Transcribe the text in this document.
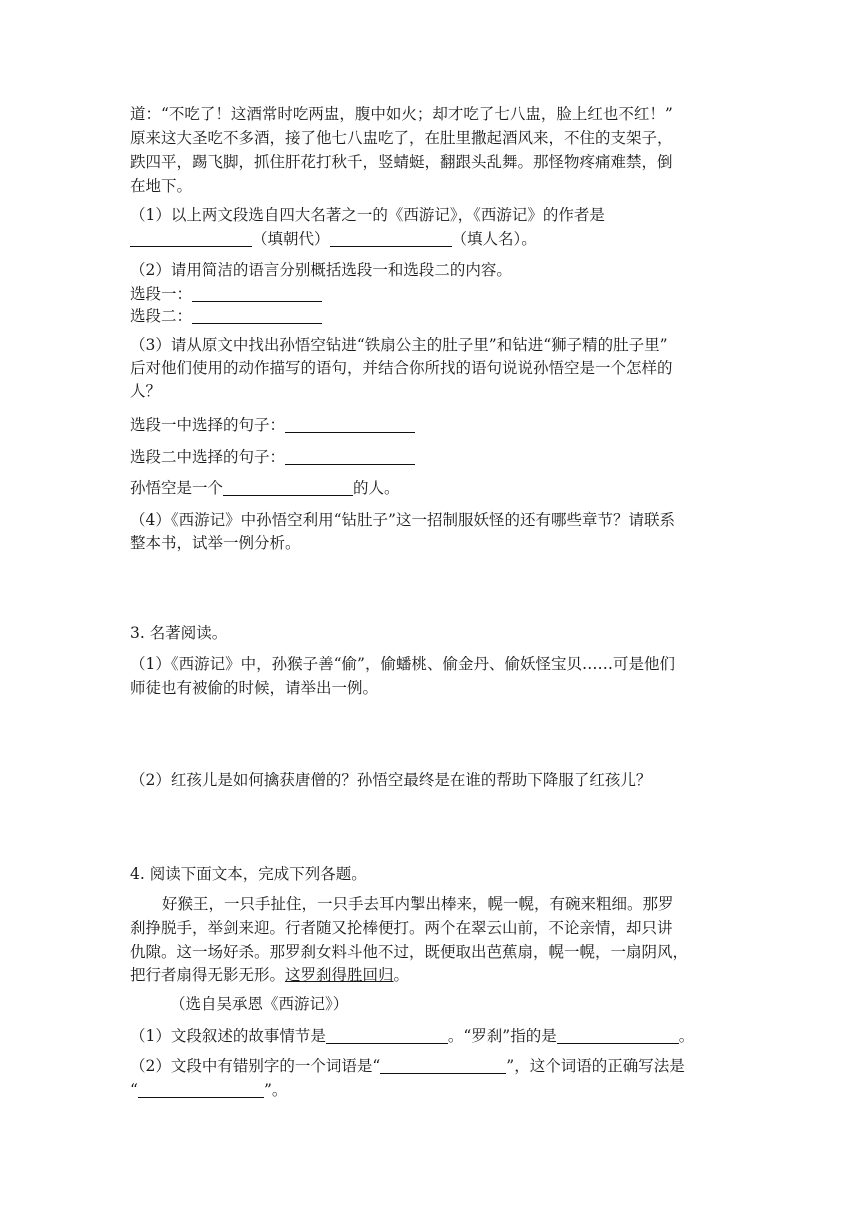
道：“不吃了！这酒常时吃两盅，腹中如火；却才吃了七八盅，脸上红也不红！”
原来这大圣吃不多酒，接了他七八盅吃了，在肚里撒起酒风来，不住的支架子，
跌四平，踢飞脚，抓住肝花打秋千，竖蜻蜓，翻跟头乱舞。那怪物疼痛难禁，倒
在地下。
（1）以上两文段选自四大名著之一的《西游记》，《西游记》的作者是
（填朝代）	（填人名）。
（2）请用简洁的语言分别概括选段一和选段二的内容。
选段一：
选段二：
（3）请从原文中找出孙悟空钻进“铁扇公主的肚子里”和钻进“狮子精的肚子里”
后对他们使用的动作描写的语句，并结合你所找的语句说说孙悟空是一个怎样的
人？
选段一中选择的句子：
选段二中选择的句子：
孙悟空是一个	的人。
（4）《西游记》中孙悟空利用“钻肚子”这一招制服妖怪的还有哪些章节？请联系
整本书，试举一例分析。
3. 名著阅读。
（1）《西游记》中，孙猴子善“偷”，偷蟠桃、偷金丹、偷妖怪宝贝……可是他们
师徒也有被偷的时候，请举出一例。
（2）红孩儿是如何擒获唐僧的？孙悟空最终是在谁的帮助下降服了红孩儿？
4. 阅读下面文本，完成下列各题。
好猴王，一只手扯住，一只手去耳内掣出棒来，幌一幌，有碗来粗细。那罗
刹挣脱手，举剑来迎。行者随又抡棒便打。两个在翠云山前，不论亲情，却只讲
仇隙。这一场好杀。那罗刹女料斗他不过，既便取出芭蕉扇，幌一幌，一扇阴风，
把行者扇得无影无形。这罗刹得胜回归。
（选自吴承恩《西游记》）
（1）文段叙述的故事情节是	。“罗刹”指的是	。
（2）文段中有错别字的一个词语是“	”，这个词语的正确写法是
“	”。
